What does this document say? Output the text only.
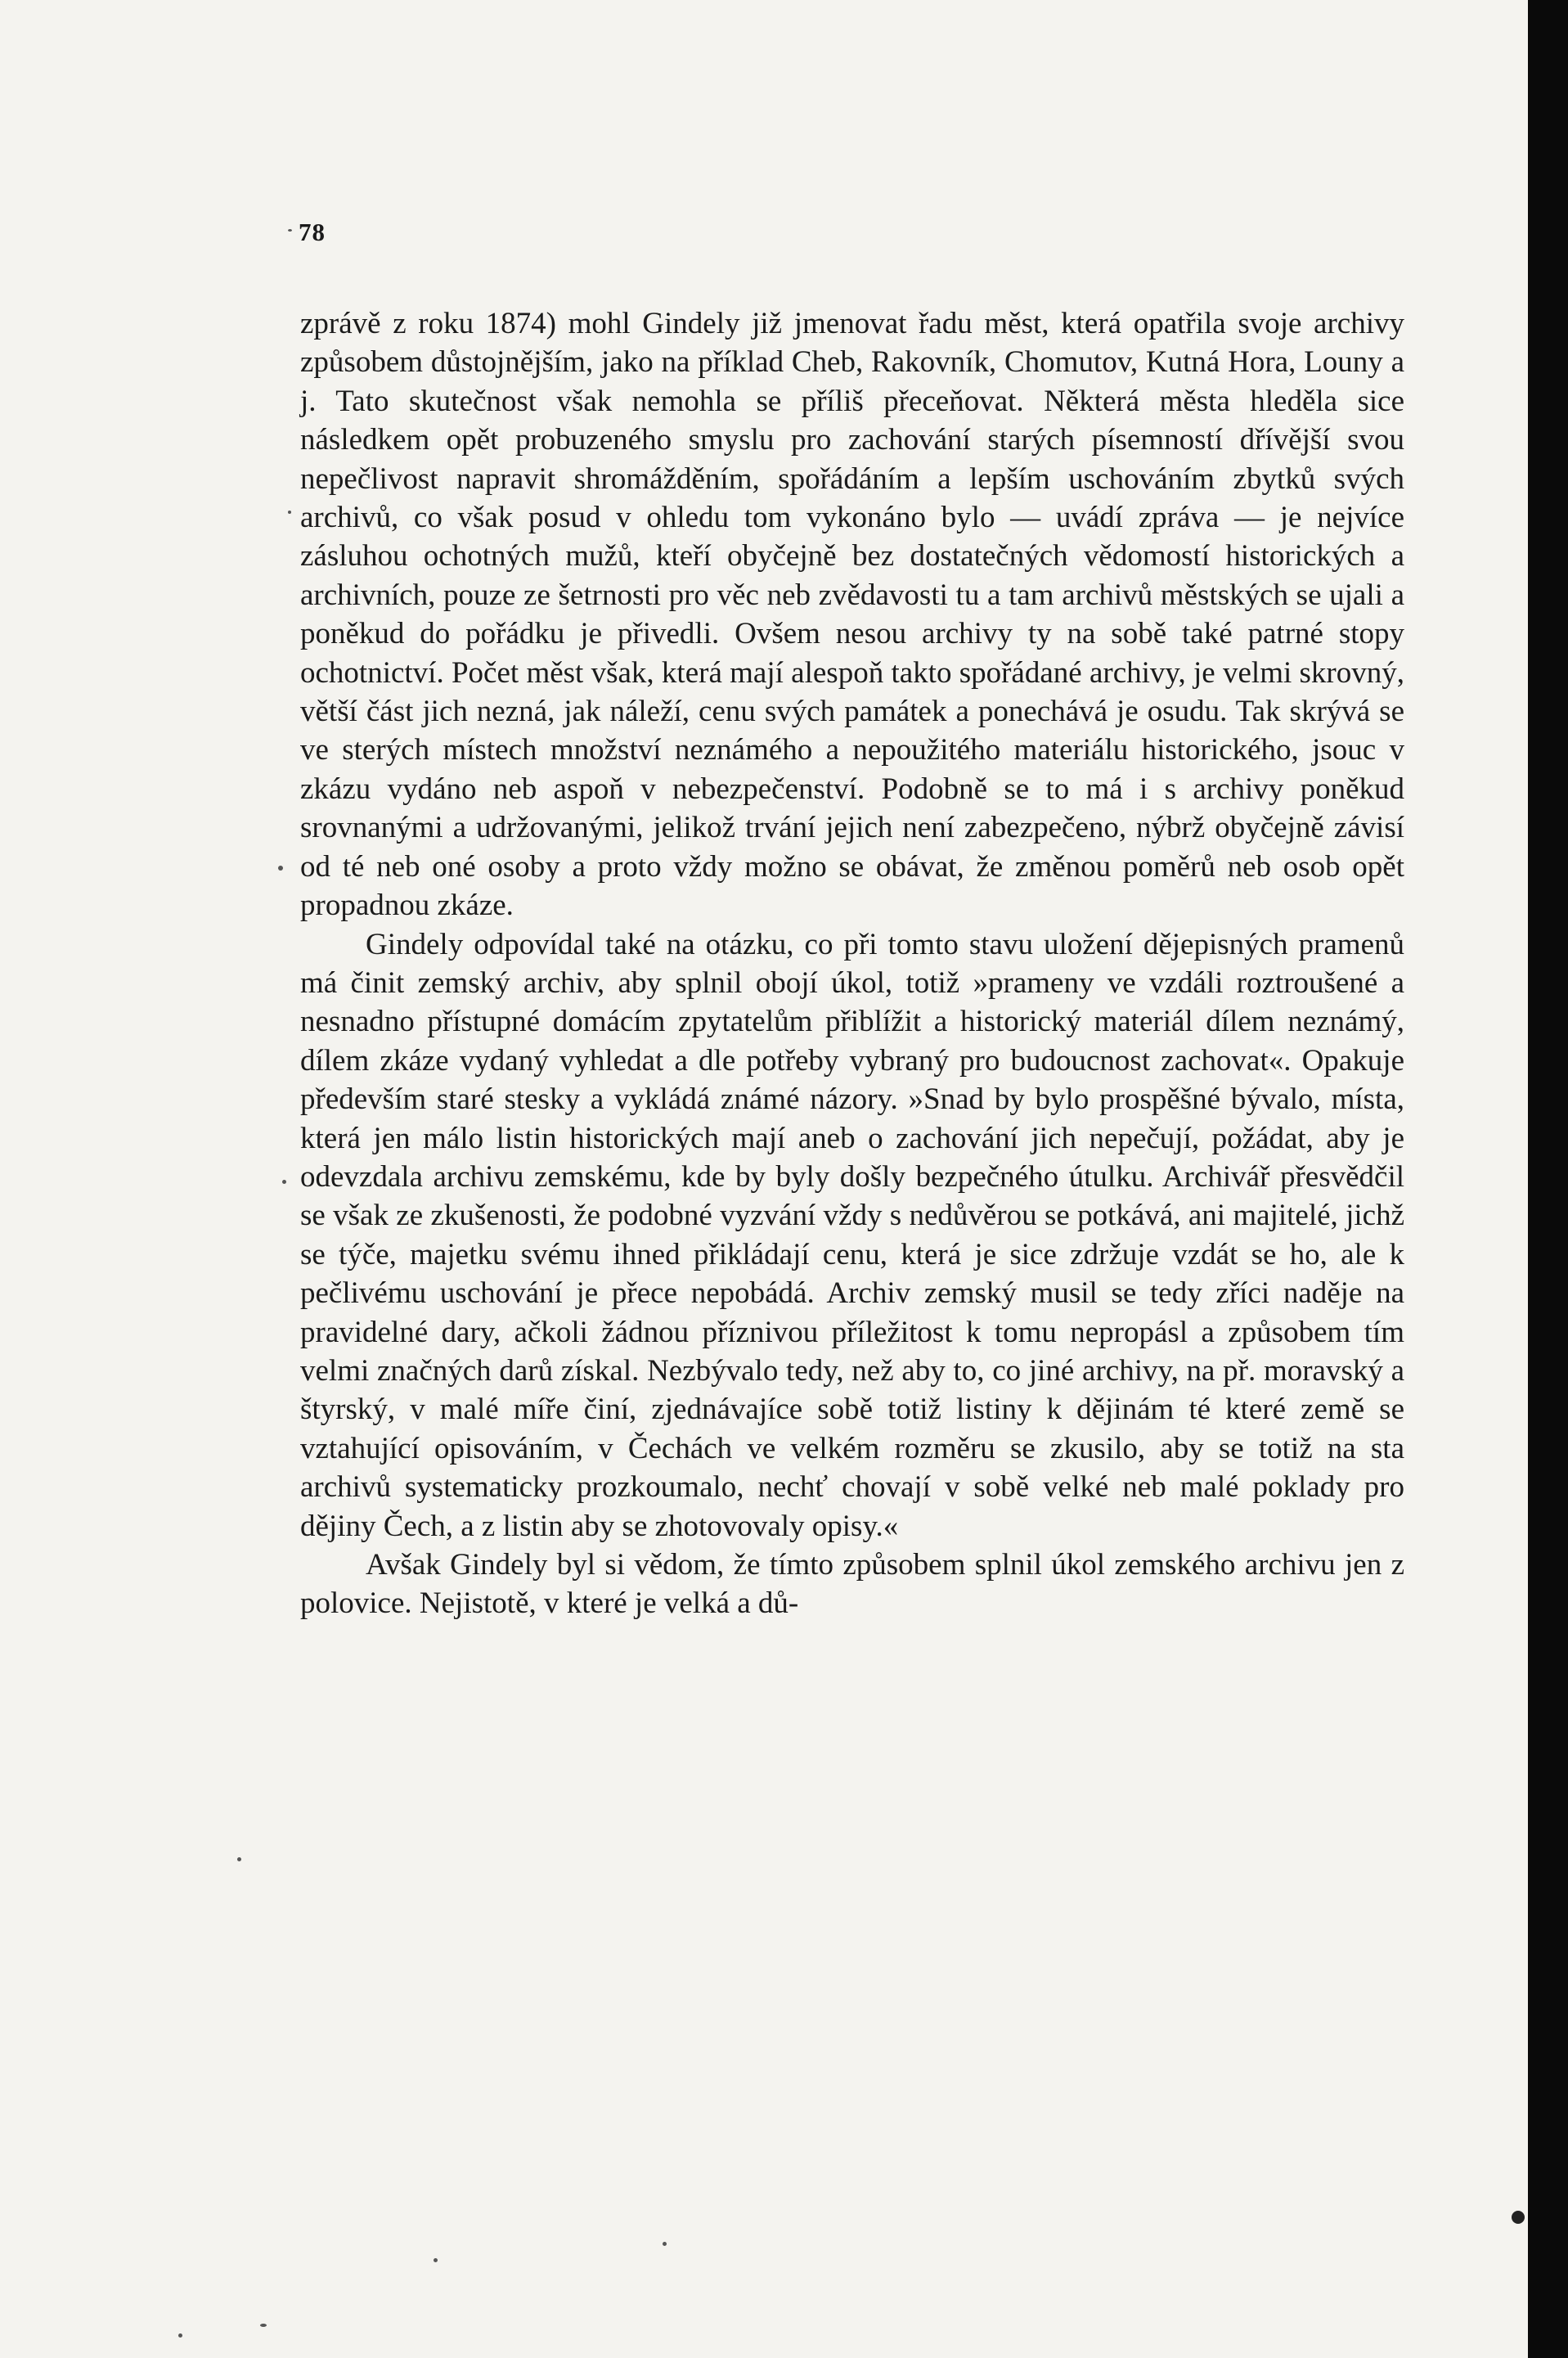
78

zprávě z roku 1874) mohl Gindely již jmenovat řadu měst, která opatřila svoje archivy způsobem důstojnějším, jako na příklad Cheb, Rakovník, Chomutov, Kutná Hora, Louny a j. Tato skutečnost však nemohla se příliš přeceňovat. Některá města hleděla sice následkem opět probuzeného smyslu pro zachování starých písemností dřívější svou nepečlivost napravit shromážděním, spořádáním a lepším uschováním zbytků svých archivů, co však posud v ohledu tom vykonáno bylo — uvádí zpráva — je nejvíce zásluhou ochotných mužů, kteří obyčejně bez dostatečných vědomostí historických a archivních, pouze ze šetrnosti pro věc neb zvědavosti tu a tam archivů městských se ujali a poněkud do pořádku je přivedli. Ovšem nesou archivy ty na sobě také patrné stopy ochotnictví. Počet měst však, která mají alespoň takto spořádané archivy, je velmi skrovný, větší část jich nezná, jak náleží, cenu svých památek a ponechává je osudu. Tak skrývá se ve sterých místech množství neznámého a nepoužitého materiálu historického, jsouc v zkázu vydáno neb aspoň v nebezpečenství. Podobně se to má i s archivy poněkud srovnanými a udržovanými, jelikož trvání jejich není zabezpečeno, nýbrž obyčejně závisí od té neb oné osoby a proto vždy možno se obávat, že změnou poměrů neb osob opět propadnou zkáze.

Gindely odpovídal také na otázku, co při tomto stavu uložení dějepisných pramenů má činit zemský archiv, aby splnil obojí úkol, totiž »prameny ve vzdáli roztroušené a nesnadno přístupné domácím zpytatelům přiblížit a historický materiál dílem neznámý, dílem zkáze vydaný vyhledat a dle potřeby vybraný pro budoucnost zachovat«. Opakuje především staré stesky a vykládá známé názory. »Snad by bylo prospěšné bývalo, místa, která jen málo listin historických mají aneb o zachování jich nepečují, požádat, aby je odevzdala archivu zemskému, kde by byly došly bezpečného útulku. Archivář přesvědčil se však ze zkušenosti, že podobné vyzvání vždy s nedůvěrou se potkává, ani majitelé, jichž se týče, majetku svému ihned přikládají cenu, která je sice zdržuje vzdát se ho, ale k pečlivému uschování je přece nepobádá. Archiv zemský musil se tedy zříci naděje na pravidelné dary, ačkoli žádnou příznivou příležitost k tomu nepropásl a způsobem tím velmi značných darů získal. Nezbývalo tedy, než aby to, co jiné archivy, na př. moravský a štyrský, v malé míře činí, zjednávajíce sobě totiž listiny k dějinám té které země se vztahující opisováním, v Čechách ve velkém rozměru se zkusilo, aby se totiž na sta archivů systematicky prozkoumalo, nechť chovají v sobě velké neb malé poklady pro dějiny Čech, a z listin aby se zhotovovaly opisy.«

Avšak Gindely byl si vědom, že tímto způsobem splnil úkol zemského archivu jen z polovice. Nejistotě, v které je velká a dů-
